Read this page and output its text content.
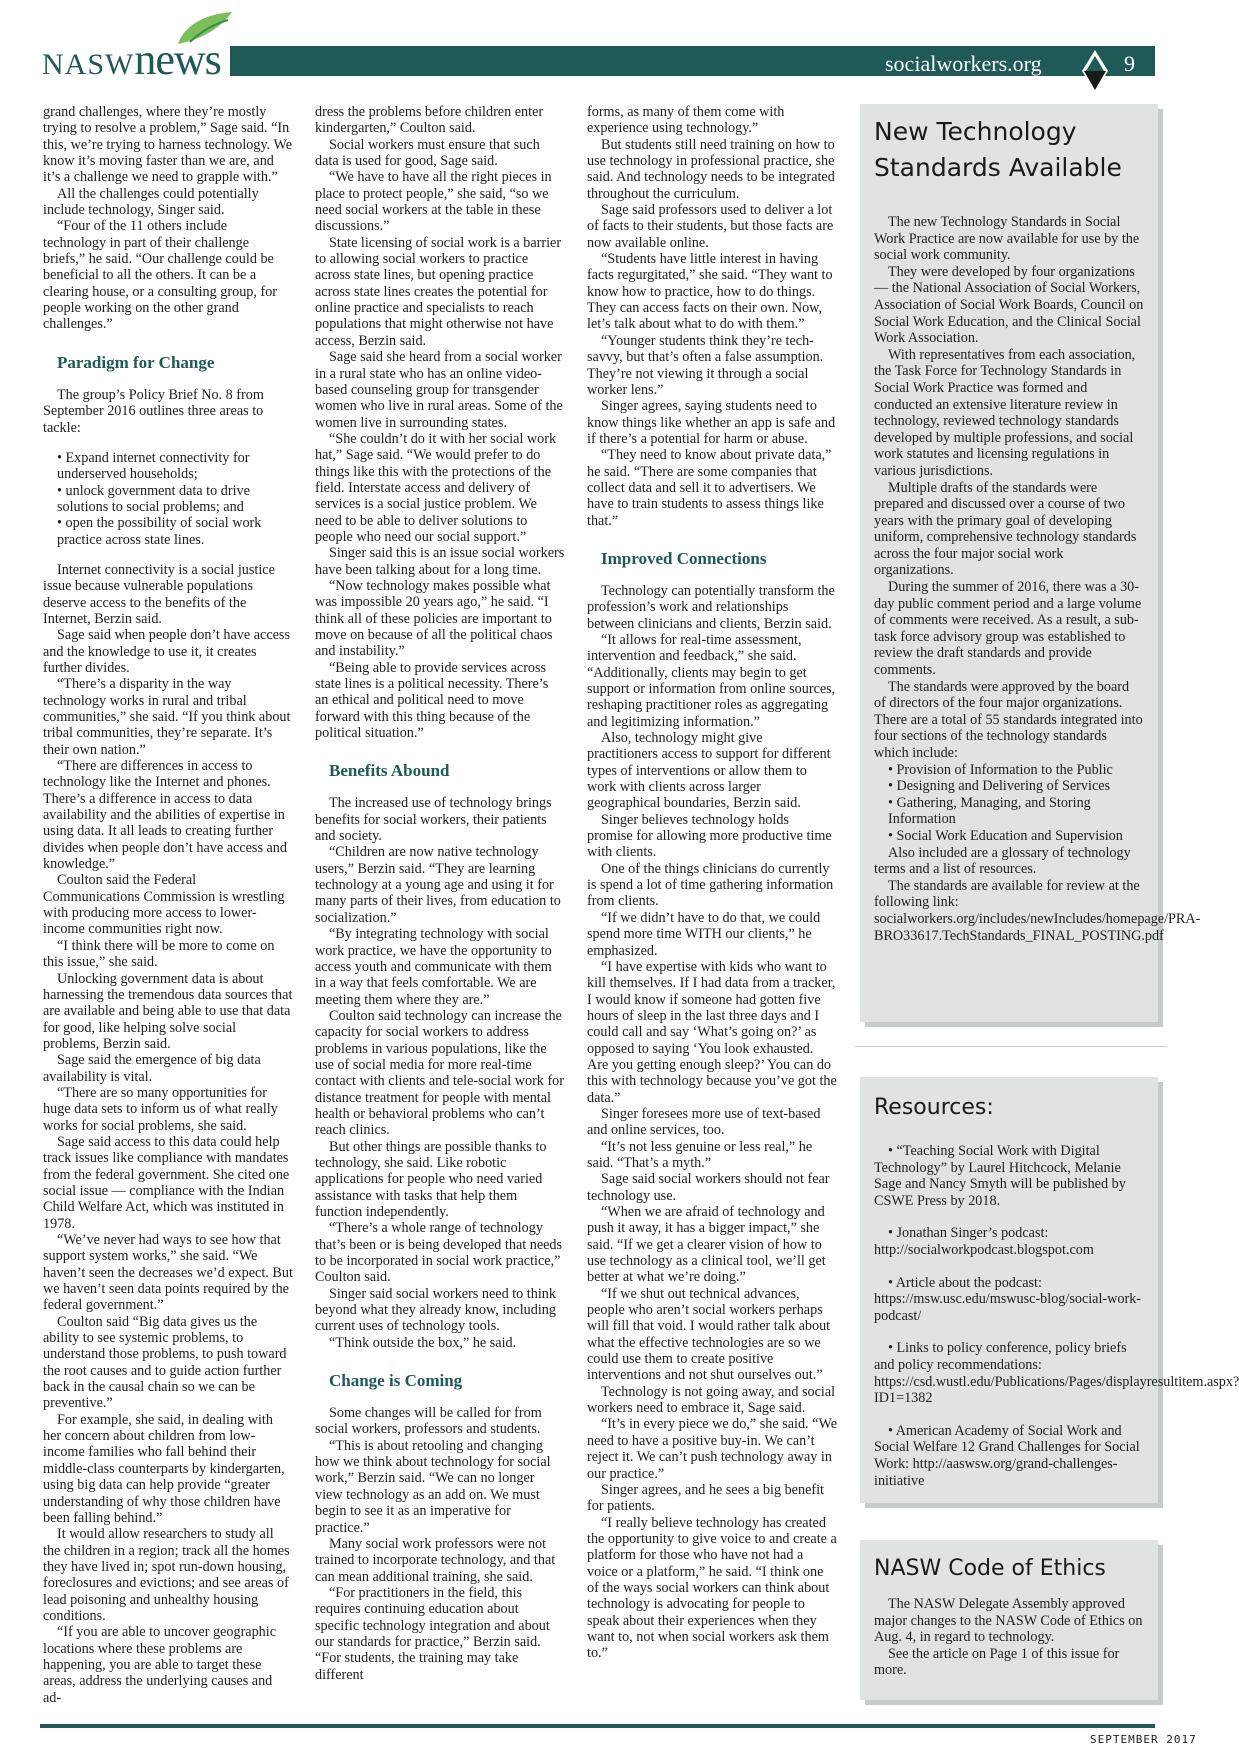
NASWnews	socialworkers.org	9

grand challenges, where they’re mostly trying to resolve a problem,” Sage said. “In this, we’re trying to harness technology. We know it’s moving faster than we are, and it’s a challenge we need to grapple with.”

All the challenges could potentially include technology, Singer said.

“Four of the 11 others include technology in part of their challenge briefs,” he said. “Our challenge could be beneficial to all the others. It can be a clearing house, or a consulting group, for people working on the other grand challenges.”

Paradigm for Change

The group’s Policy Brief No. 8 from September 2016 outlines three areas to tackle:

• Expand internet connectivity for underserved households;

• unlock government data to drive solutions to social problems; and

• open the possibility of social work practice across state lines.

Internet connectivity is a social justice issue because vulnerable populations deserve access to the benefits of the Internet, Berzin said.

Sage said when people don’t have access and the knowledge to use it, it creates further divides.

“There’s a disparity in the way technology works in rural and tribal communities,” she said. “If you think about tribal communities, they’re separate. It’s their own nation.”

“There are differences in access to technology like the Internet and phones. There’s a difference in access to data availability and the abilities of expertise in using data. It all leads to creating further divides when people don’t have access and knowledge.”

Coulton said the Federal Communications Commission is wrestling with producing more access to lower-income communities right now.

“I think there will be more to come on this issue,” she said.

Unlocking government data is about harnessing the tremendous data sources that are available and being able to use that data for good, like helping solve social problems, Berzin said.

Sage said the emergence of big data availability is vital.

“There are so many opportunities for huge data sets to inform us of what really works for social problems, she said.

Sage said access to this data could help track issues like compliance with mandates from the federal government. She cited one social issue — compliance with the Indian Child Welfare Act, which was instituted in 1978.

“We’ve never had ways to see how that support system works,” she said. “We haven’t seen the decreases we’d expect. But we haven’t seen data points required by the federal government.”

Coulton said “Big data gives us the ability to see systemic problems, to understand those problems, to push toward the root causes and to guide action further back in the causal chain so we can be preventive.”

For example, she said, in dealing with her concern about children from low-income families who fall behind their middle-class counterparts by kindergarten, using big data can help provide “greater understanding of why those children have been falling behind.”

It would allow researchers to study all the children in a region; track all the homes they have lived in; spot run-down housing, foreclosures and evictions; and see areas of lead poisoning and unhealthy housing conditions.

“If you are able to uncover geographic locations where these problems are happening, you are able to target these areas, address the underlying causes and ad-

dress the problems before children enter kindergarten,” Coulton said.

Social workers must ensure that such data is used for good, Sage said.

“We have to have all the right pieces in place to protect people,” she said, “so we need social workers at the table in these discussions.”

State licensing of social work is a barrier to allowing social workers to practice across state lines, but opening practice across state lines creates the potential for online practice and specialists to reach populations that might otherwise not have access, Berzin said.

Sage said she heard from a social worker in a rural state who has an online video-based counseling group for transgender women who live in rural areas. Some of the women live in surrounding states.

“She couldn’t do it with her social work hat,” Sage said. “We would prefer to do things like this with the protections of the field. Interstate access and delivery of services is a social justice problem. We need to be able to deliver solutions to people who need our social support.”

Singer said this is an issue social workers have been talking about for a long time.

“Now technology makes possible what was impossible 20 years ago,” he said. “I think all of these policies are important to move on because of all the political chaos and instability.”

“Being able to provide services across state lines is a political necessity. There’s an ethical and political need to move forward with this thing because of the political situation.”

Benefits Abound

The increased use of technology brings benefits for social workers, their patients and society.

“Children are now native technology users,” Berzin said. “They are learning technology at a young age and using it for many parts of their lives, from education to socialization.”

“By integrating technology with social work practice, we have the opportunity to access youth and communicate with them in a way that feels comfortable. We are meeting them where they are.”

Coulton said technology can increase the capacity for social workers to address problems in various populations, like the use of social media for more real-time contact with clients and tele-social work for distance treatment for people with mental health or behavioral problems who can’t reach clinics.

But other things are possible thanks to technology, she said. Like robotic applications for people who need varied assistance with tasks that help them function independently.

“There’s a whole range of technology that’s been or is being developed that needs to be incorporated in social work practice,” Coulton said.

Singer said social workers need to think beyond what they already know, including current uses of technology tools.

“Think outside the box,” he said.

Change is Coming

Some changes will be called for from social workers, professors and students.

“This is about retooling and changing how we think about technology for social work,” Berzin said. “We can no longer view technology as an add on. We must begin to see it as an imperative for practice.”

Many social work professors were not trained to incorporate technology, and that can mean additional training, she said.

“For practitioners in the field, this requires continuing education about specific technology integration and about our standards for practice,” Berzin said. “For students, the training may take different

forms, as many of them come with experience using technology.”

But students still need training on how to use technology in professional practice, she said. And technology needs to be integrated throughout the curriculum.

Sage said professors used to deliver a lot of facts to their students, but those facts are now available online.

“Students have little interest in having facts regurgitated,” she said. “They want to know how to practice, how to do things. They can access facts on their own. Now, let’s talk about what to do with them.”

“Younger students think they’re tech-savvy, but that’s often a false assumption. They’re not viewing it through a social worker lens.”

Singer agrees, saying students need to know things like whether an app is safe and if there’s a potential for harm or abuse.

“They need to know about private data,” he said. “There are some companies that collect data and sell it to advertisers. We have to train students to assess things like that.”

Improved Connections

Technology can potentially transform the profession’s work and relationships between clinicians and clients, Berzin said.

“It allows for real-time assessment, intervention and feedback,” she said. “Additionally, clients may begin to get support or information from online sources, reshaping practitioner roles as aggregating and legitimizing information.”

Also, technology might give practitioners access to support for different types of interventions or allow them to work with clients across larger geographical boundaries, Berzin said.

Singer believes technology holds promise for allowing more productive time with clients.

One of the things clinicians do currently is spend a lot of time gathering information from clients.

“If we didn’t have to do that, we could spend more time WITH our clients,” he emphasized.

“I have expertise with kids who want to kill themselves. If I had data from a tracker, I would know if someone had gotten five hours of sleep in the last three days and I could call and say ‘What’s going on?’ as opposed to saying ‘You look exhausted. Are you getting enough sleep?’ You can do this with technology because you’ve got the data.”

Singer foresees more use of text-based and online services, too.

“It’s not less genuine or less real,” he said. “That’s a myth.”

Sage said social workers should not fear technology use.

“When we are afraid of technology and push it away, it has a bigger impact,” she said. “If we get a clearer vision of how to use technology as a clinical tool, we’ll get better at what we’re doing.”

“If we shut out technical advances, people who aren’t social workers perhaps will fill that void. I would rather talk about what the effective technologies are so we could use them to create positive interventions and not shut ourselves out.”

Technology is not going away, and social workers need to embrace it, Sage said.

“It’s in every piece we do,” she said. “We need to have a positive buy-in. We can’t reject it. We can’t push technology away in our practice.”

Singer agrees, and he sees a big benefit for patients.

“I really believe technology has created the opportunity to give voice to and create a platform for those who have not had a voice or a platform,” he said. “I think one of the ways social workers can think about technology is advocating for people to speak about their experiences when they want to, not when social workers ask them to.”

New Technology Standards Available

The new Technology Standards in Social Work Practice are now available for use by the social work community.

They were developed by four organizations — the National Association of Social Workers, Association of Social Work Boards, Council on Social Work Education, and the Clinical Social Work Association.

With representatives from each association, the Task Force for Technology Standards in Social Work Practice was formed and conducted an extensive literature review in technology, reviewed technology standards developed by multiple professions, and social work statutes and licensing regulations in various jurisdictions.

Multiple drafts of the standards were prepared and discussed over a course of two years with the primary goal of developing uniform, comprehensive technology standards across the four major social work organizations.

During the summer of 2016, there was a 30-day public comment period and a large volume of comments were received. As a result, a sub-task force advisory group was established to review the draft standards and provide comments.

The standards were approved by the board of directors of the four major organizations. There are a total of 55 standards integrated into four sections of the technology standards which include:

• Provision of Information to the Public

• Designing and Delivering of Services

• Gathering, Managing, and Storing Information

• Social Work Education and Supervision

Also included are a glossary of technology terms and a list of resources.

The standards are available for review at the following link: socialworkers.org/includes/newIncludes/homepage/PRA-BRO33617.TechStandards_FINAL_POSTING.pdf

Resources:

• “Teaching Social Work with Digital Technology” by Laurel Hitchcock, Melanie Sage and Nancy Smyth will be published by CSWE Press by 2018.

• Jonathan Singer’s podcast: http://socialworkpodcast.blogspot.com

• Article about the podcast: https://msw.usc.edu/mswusc-blog/social-work-podcast/

• Links to policy conference, policy briefs and policy recommendations: https://csd.wustl.edu/Publications/Pages/displayresultitem.aspx?ID1=1382

• American Academy of Social Work and Social Welfare 12 Grand Challenges for Social Work: http://aaswsw.org/grand-challenges-initiative

NASW Code of Ethics

The NASW Delegate Assembly approved major changes to the NASW Code of Ethics on Aug. 4, in regard to technology.

See the article on Page 1 of this issue for more.

SEPTEMBER 2017
